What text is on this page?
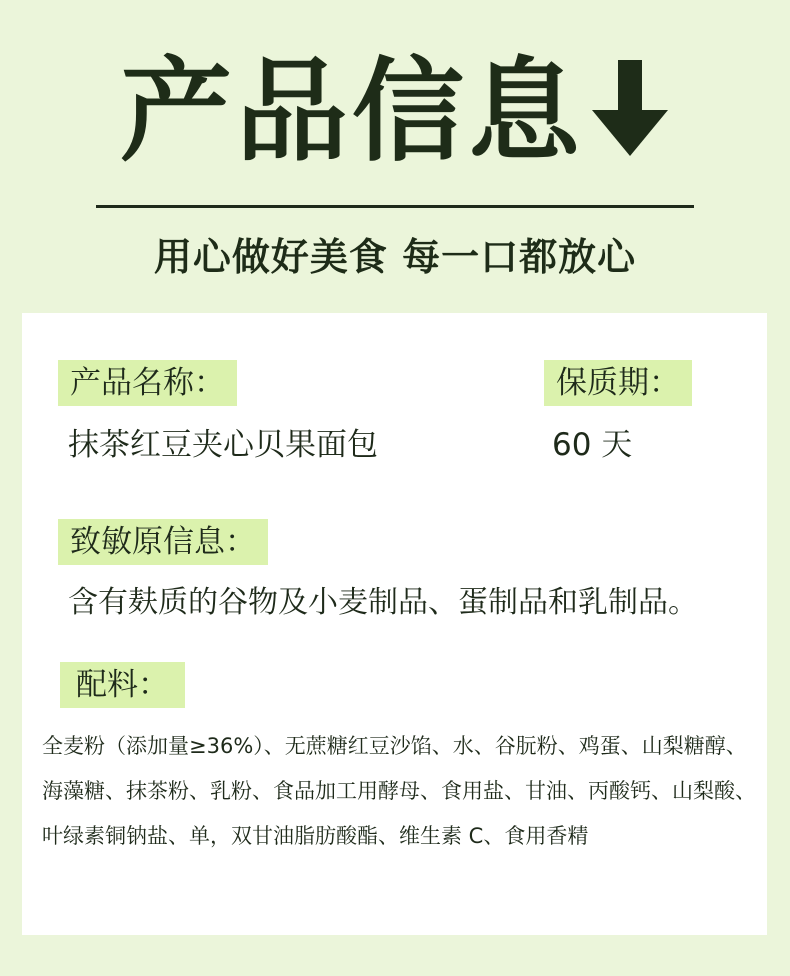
产品信息
用心做好美食 每一口都放心
产品名称：
抹茶红豆夹心贝果面包
保质期：
60 天
致敏原信息：
含有麸质的谷物及小麦制品、蛋制品和乳制品。
配料：
全麦粉（添加量≥36%）、无蔗糖红豆沙馅、水、谷朊粉、鸡蛋、山梨糖醇、海藻糖、抹茶粉、乳粉、食品加工用酵母、食用盐、甘油、丙酸钙、山梨酸、叶绿素铜钠盐、单，双甘油脂肪酸酯、维生素 C、食用香精
